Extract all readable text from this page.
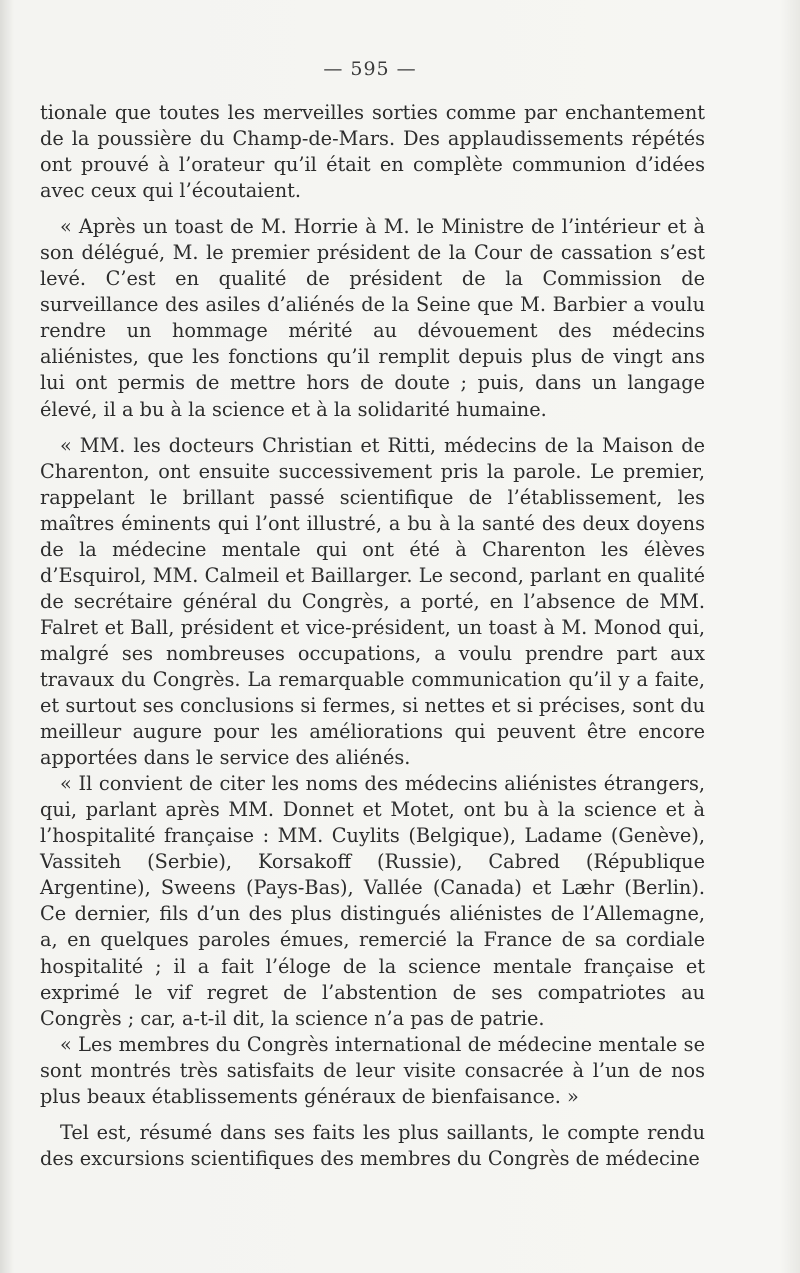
— 595 —

tionale que toutes les merveilles sorties comme par enchantement de la poussière du Champ-de-Mars. Des applaudissements répétés ont prouvé à l’orateur qu’il était en complète communion d’idées avec ceux qui l’écoutaient.

« Après un toast de M. Horrie à M. le Ministre de l’intérieur et à son délégué, M. le premier président de la Cour de cassation s’est levé. C’est en qualité de président de la Commission de surveillance des asiles d’aliénés de la Seine que M. Barbier a voulu rendre un hommage mérité au dévouement des médecins aliénistes, que les fonctions qu’il remplit depuis plus de vingt ans lui ont permis de mettre hors de doute ; puis, dans un langage élevé, il a bu à la science et à la solidarité humaine.

« MM. les docteurs Christian et Ritti, médecins de la Maison de Charenton, ont ensuite successivement pris la parole. Le premier, rappelant le brillant passé scientifique de l’établissement, les maîtres éminents qui l’ont illustré, a bu à la santé des deux doyens de la médecine mentale qui ont été à Charenton les élèves d’Esquirol, MM. Calmeil et Baillarger. Le second, parlant en qualité de secrétaire général du Congrès, a porté, en l’absence de MM. Falret et Ball, président et vice-président, un toast à M. Monod qui, malgré ses nombreuses occupations, a voulu prendre part aux travaux du Congrès. La remarquable communication qu’il y a faite, et surtout ses conclusions si fermes, si nettes et si précises, sont du meilleur augure pour les améliorations qui peuvent être encore apportées dans le service des aliénés.

« Il convient de citer les noms des médecins aliénistes étrangers, qui, parlant après MM. Donnet et Motet, ont bu à la science et à l’hospitalité française : MM. Cuylits (Belgique), Ladame (Genève), Vassiteh (Serbie), Korsakoff (Russie), Cabred (République Argentine), Sweens (Pays-Bas), Vallée (Canada) et Læhr (Berlin). Ce dernier, fils d’un des plus distingués aliénistes de l’Allemagne, a, en quelques paroles émues, remercié la France de sa cordiale hospitalité ; il a fait l’éloge de la science mentale française et exprimé le vif regret de l’abstention de ses compatriotes au Congrès ; car, a-t-il dit, la science n’a pas de patrie.

« Les membres du Congrès international de médecine mentale se sont montrés très satisfaits de leur visite consacrée à l’un de nos plus beaux établissements généraux de bienfaisance. »

Tel est, résumé dans ses faits les plus saillants, le compte rendu des excursions scientifiques des membres du Congrès de médecine
